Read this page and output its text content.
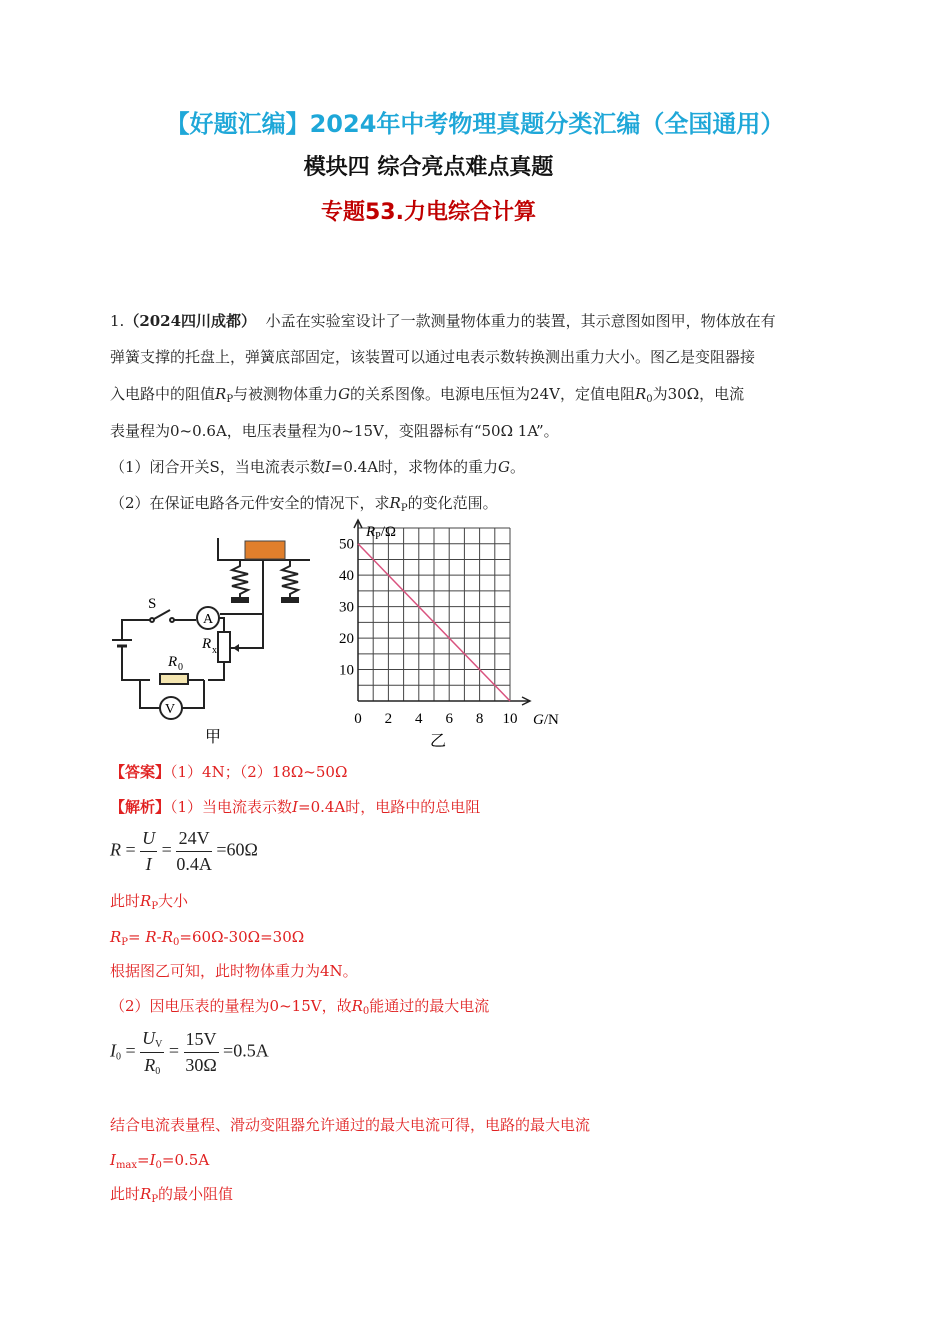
【好题汇编】2024年中考物理真题分类汇编（全国通用）
模块四 综合亮点难点真题
专题53.力电综合计算
1.（2024四川成都） 小孟在实验室设计了一款测量物体重力的装置，其示意图如图甲，物体放在有
弹簧支撑的托盘上，弹簧底部固定，该装置可以通过电表示数转换测出重力大小。图乙是变阻器接
入电路中的阻值$R_P$与被测物体重力G的关系图像。电源电压恒为24V，定值电阻$R_0$为30Ω，电流
表量程为0~0.6A，电压表量程为0~15V，变阻器标有“50Ω 1A”。
（1）闭合开关S，当电流表示数I=0.4A时，求物体的重力G。
（2）在保证电路各元件安全的情况下，求$R_P$的变化范围。
S
A
V
R x
R 0
甲
0 2 4 6 8 10
10
20
30
40
50
$R_P/\Omega$
G/N
乙
【答案】（1）4N；（2）18Ω~50Ω
【解析】（1）当电流表示数I=0.4A时，电路中的总电阻
$R = \frac{U}{I} = \frac{24V}{0.4A} =60\Omega$
此时$R_P$大小
$R_P= R-R_0=60\Omega-30\Omega=30\Omega$
根据图乙可知，此时物体重力为4N。
（2）因电压表的量程为0~15V，故$R_0$能通过的最大电流
$I_0 = \frac{U_V}{R_0} = \frac{15V}{30\Omega} =0.5A$
结合电流表量程、滑动变阻器允许通过的最大电流可得，电路的最大电流
$I_{max}=I_0=0.5A$
此时$R_P$的最小阻值
